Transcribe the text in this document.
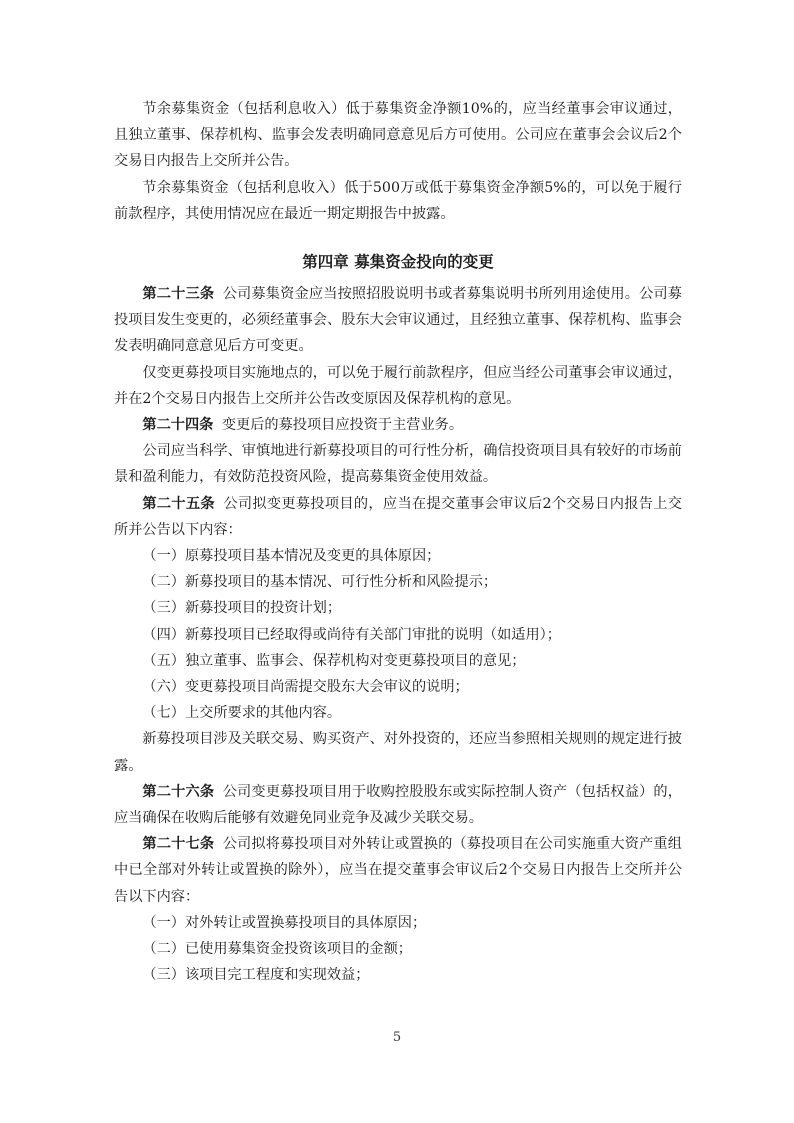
节余募集资金（包括利息收入）低于募集资金净额10%的，应当经董事会审议通过，且独立董事、保荐机构、监事会发表明确同意意见后方可使用。公司应在董事会会议后2个交易日内报告上交所并公告。

节余募集资金（包括利息收入）低于500万或低于募集资金净额5%的，可以免于履行前款程序，其使用情况应在最近一期定期报告中披露。

第四章 募集资金投向的变更

第二十三条 公司募集资金应当按照招股说明书或者募集说明书所列用途使用。公司募投项目发生变更的，必须经董事会、股东大会审议通过，且经独立董事、保荐机构、监事会发表明确同意意见后方可变更。

仅变更募投项目实施地点的，可以免于履行前款程序，但应当经公司董事会审议通过，并在2个交易日内报告上交所并公告改变原因及保荐机构的意见。

第二十四条 变更后的募投项目应投资于主营业务。

公司应当科学、审慎地进行新募投项目的可行性分析，确信投资项目具有较好的市场前景和盈利能力，有效防范投资风险，提高募集资金使用效益。

第二十五条 公司拟变更募投项目的，应当在提交董事会审议后2个交易日内报告上交所并公告以下内容：

（一）原募投项目基本情况及变更的具体原因；

（二）新募投项目的基本情况、可行性分析和风险提示；

（三）新募投项目的投资计划；

（四）新募投项目已经取得或尚待有关部门审批的说明（如适用）；

（五）独立董事、监事会、保荐机构对变更募投项目的意见；

（六）变更募投项目尚需提交股东大会审议的说明；

（七）上交所要求的其他内容。

新募投项目涉及关联交易、购买资产、对外投资的，还应当参照相关规则的规定进行披露。

第二十六条 公司变更募投项目用于收购控股股东或实际控制人资产（包括权益）的，应当确保在收购后能够有效避免同业竞争及减少关联交易。

第二十七条 公司拟将募投项目对外转让或置换的（募投项目在公司实施重大资产重组中已全部对外转让或置换的除外），应当在提交董事会审议后2个交易日内报告上交所并公告以下内容：

（一）对外转让或置换募投项目的具体原因；

（二）已使用募集资金投资该项目的金额；

（三）该项目完工程度和实现效益；

5
